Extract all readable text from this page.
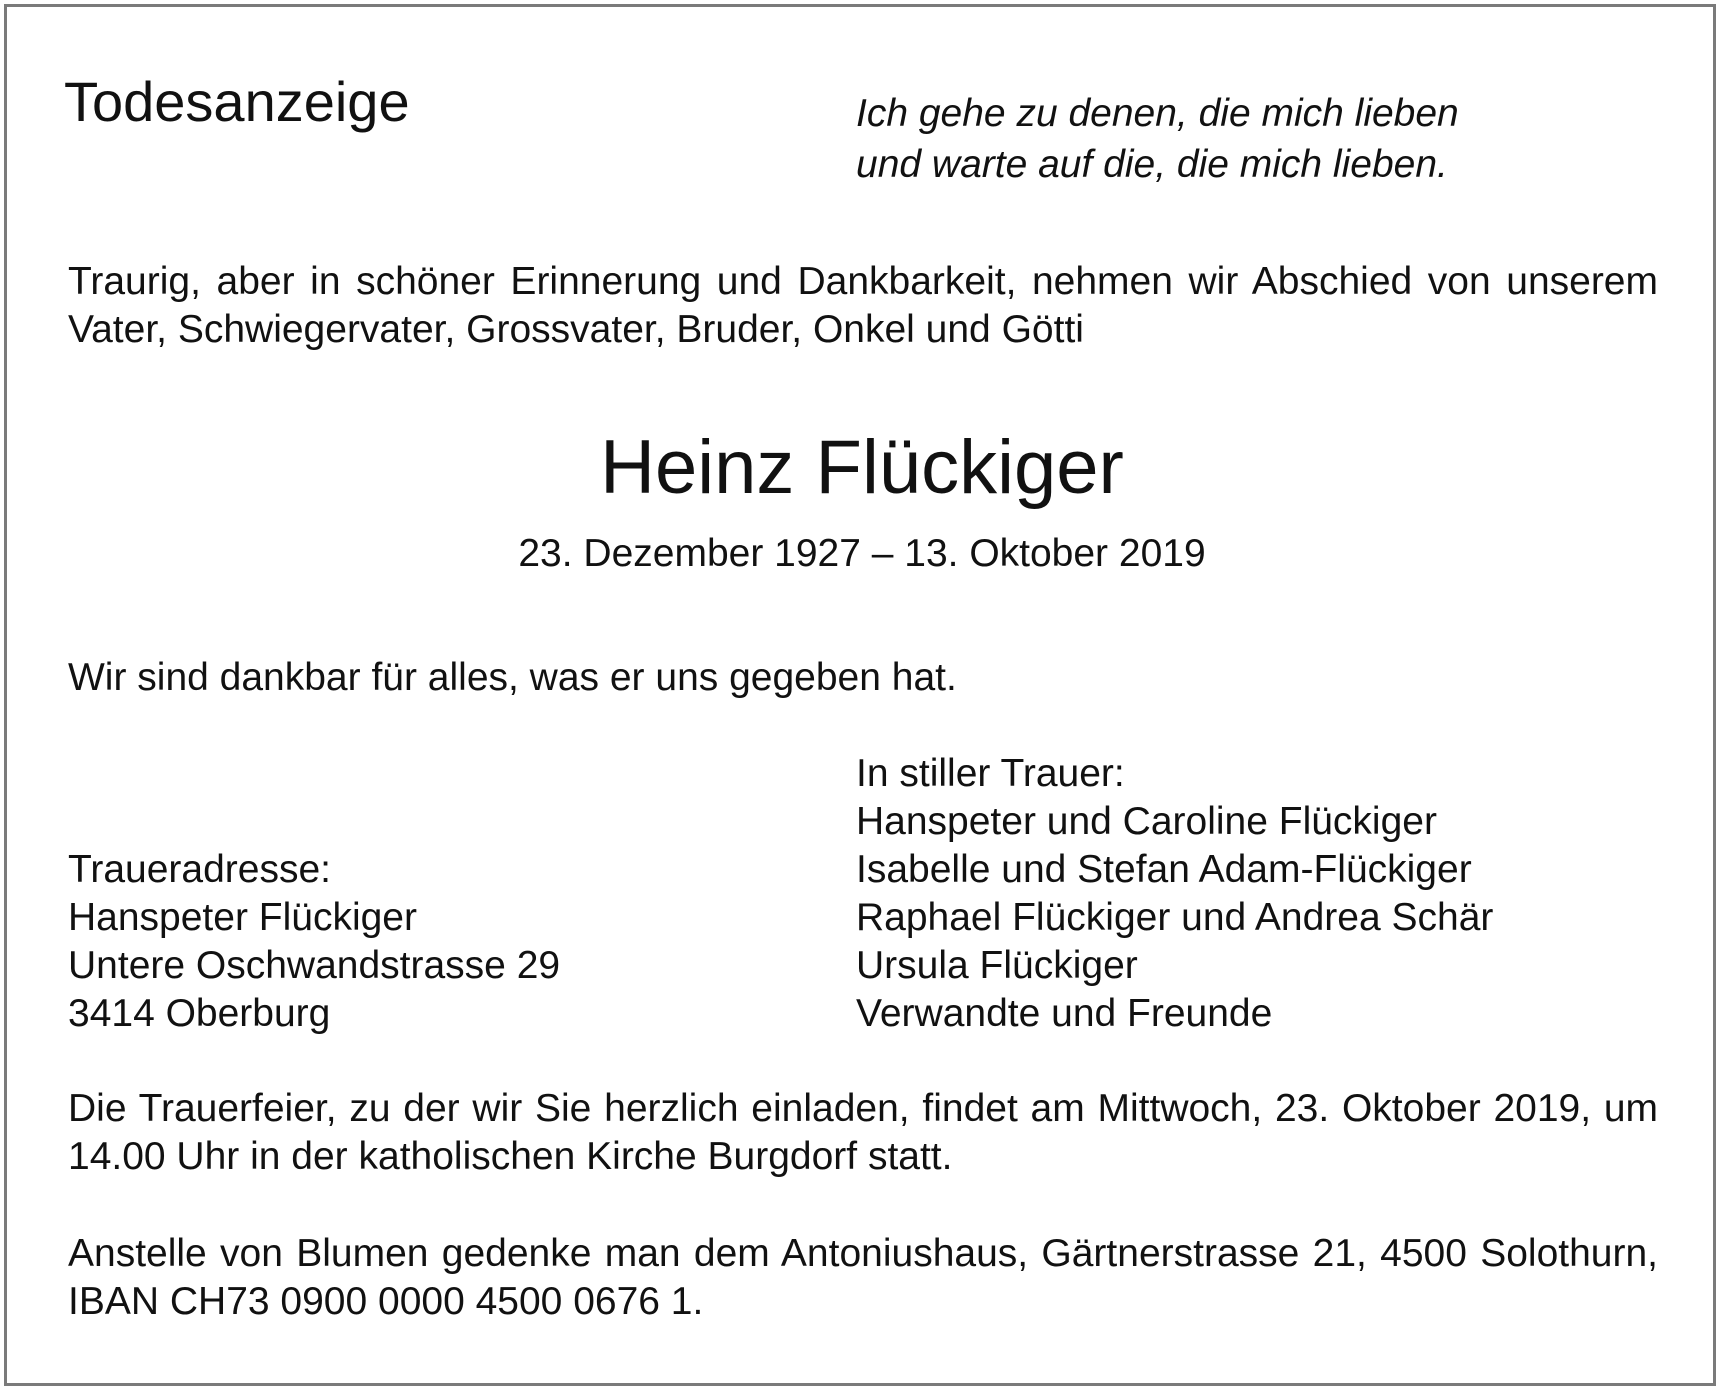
Todesanzeige	Ich gehe zu denen, die mich lieben
und warte auf die, die mich lieben.
Traurig, aber in schöner Erinnerung und Dankbarkeit, nehmen wir Abschied von unserem
Vater, Schwiegervater, Grossvater, Bruder, Onkel und Götti
Heinz Flückiger
23. Dezember 1927 – 13. Oktober 2019
Wir sind dankbar für alles, was er uns gegeben hat.
In stiller Trauer:
Hanspeter und Caroline Flückiger
Isabelle und Stefan Adam-Flückiger
Raphael Flückiger und Andrea Schär
Ursula Flückiger
Verwandte und Freunde
Traueradresse:
Hanspeter Flückiger
Untere Oschwandstrasse 29
3414 Oberburg
Die Trauerfeier, zu der wir Sie herzlich einladen, findet am Mittwoch, 23. Oktober 2019, um
14.00 Uhr in der katholischen Kirche Burgdorf statt.
Anstelle von Blumen gedenke man dem Antoniushaus, Gärtnerstrasse 21, 4500 Solothurn,
IBAN CH73 0900 0000 4500 0676 1.
